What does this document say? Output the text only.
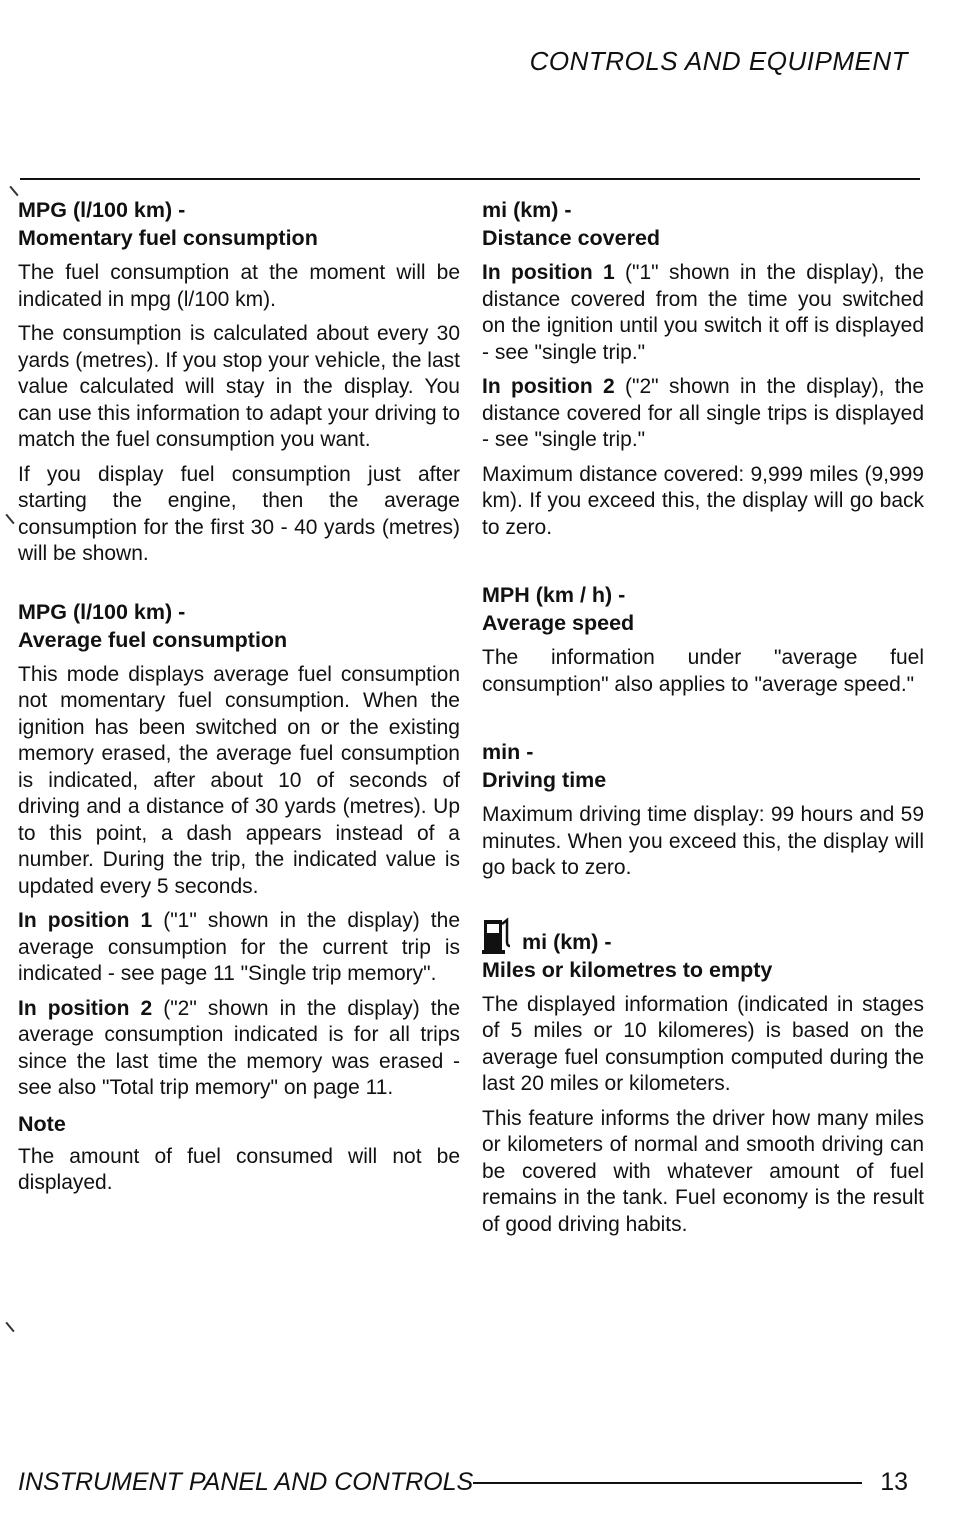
CONTROLS AND EQUIPMENT
MPG (l/100 km) -
Momentary fuel consumption

The fuel consumption at the moment will be indicated in mpg (l/100 km).

The consumption is calculated about every 30 yards (metres). If you stop your vehicle, the last value calculated will stay in the display. You can use this information to adapt your driving to match the fuel consumption you want.

If you display fuel consumption just after starting the engine, then the average consumption for the first 30 - 40 yards (metres) will be shown.

MPG (l/100 km) -
Average fuel consumption

This mode displays average fuel consumption not momentary fuel consumption. When the ignition has been switched on or the existing memory erased, the average fuel consumption is indicated, after about 10 of seconds of driving and a distance of 30 yards (metres). Up to this point, a dash appears instead of a number. During the trip, the indicated value is updated every 5 seconds.

In position 1 ("1" shown in the display) the average consumption for the current trip is indicated - see page 11 "Single trip memory".

In position 2 ("2" shown in the display) the average consumption indicated is for all trips since the last time the memory was erased - see also "Total trip memory" on page 11.

Note

The amount of fuel consumed will not be displayed.

mi (km) -
Distance covered

In position 1 ("1" shown in the display), the distance covered from the time you switched on the ignition until you switch it off is displayed - see "single trip."

In position 2 ("2" shown in the display), the distance covered for all single trips is displayed - see "single trip."

Maximum distance covered: 9,999 miles (9,999 km). If you exceed this, the display will go back to zero.

MPH (km / h) -
Average speed

The information under "average fuel consumption" also applies to "average speed."

min -
Driving time

Maximum driving time display: 99 hours and 59 minutes. When you exceed this, the display will go back to zero.

mi (km) -
Miles or kilometres to empty

The displayed information (indicated in stages of 5 miles or 10 kilomeres) is based on the average fuel consumption computed during the last 20 miles or kilometers.

This feature informs the driver how many miles or kilometers of normal and smooth driving can be covered with whatever amount of fuel remains in the tank. Fuel economy is the result of good driving habits.

INSTRUMENT PANEL AND CONTROLS	13
